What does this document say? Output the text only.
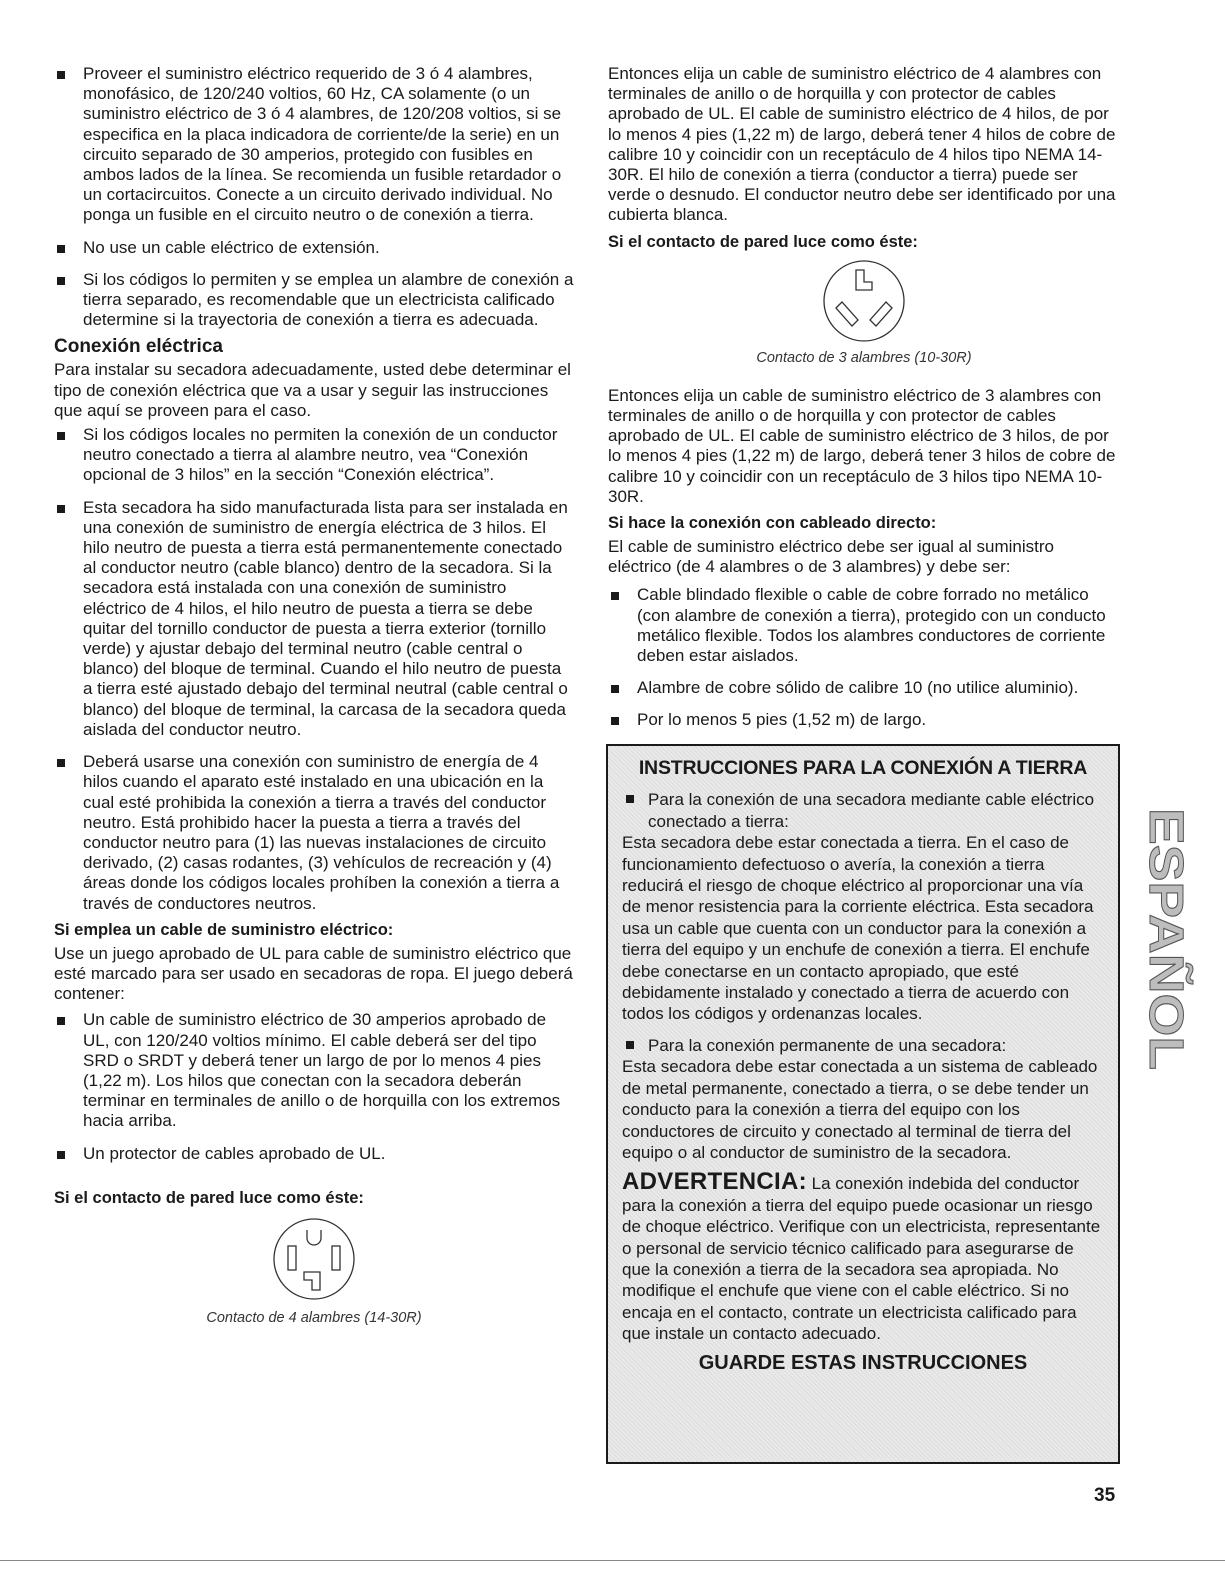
Proveer el suministro eléctrico requerido de 3 ó 4 alambres, monofásico, de 120/240 voltios, 60 Hz, CA solamente (o un suministro eléctrico de 3 ó 4 alambres, de 120/208 voltios, si se especifica en la placa indicadora de corriente/de la serie) en un circuito separado de 30 amperios, protegido con fusibles en ambos lados de la línea. Se recomienda un fusible retardador o un cortacircuitos. Conecte a un circuito derivado individual. No ponga un fusible en el circuito neutro o de conexión a tierra.

No use un cable eléctrico de extensión.

Si los códigos lo permiten y se emplea un alambre de conexión a tierra separado, es recomendable que un electricista calificado determine si la trayectoria de conexión a tierra es adecuada.

Conexión eléctrica

Para instalar su secadora adecuadamente, usted debe determinar el tipo de conexión eléctrica que va a usar y seguir las instrucciones que aquí se proveen para el caso.

Si los códigos locales no permiten la conexión de un conductor neutro conectado a tierra al alambre neutro, vea “Conexión opcional de 3 hilos” en la sección “Conexión eléctrica”.

Esta secadora ha sido manufacturada lista para ser instalada en una conexión de suministro de energía eléctrica de 3 hilos. El hilo neutro de puesta a tierra está permanentemente conectado al conductor neutro (cable blanco) dentro de la secadora. Si la secadora está instalada con una conexión de suministro eléctrico de 4 hilos, el hilo neutro de puesta a tierra se debe quitar del tornillo conductor de puesta a tierra exterior (tornillo verde) y ajustar debajo del terminal neutro (cable central o blanco) del bloque de terminal. Cuando el hilo neutro de puesta a tierra esté ajustado debajo del terminal neutral (cable central o blanco) del bloque de terminal, la carcasa de la secadora queda aislada del conductor neutro.

Deberá usarse una conexión con suministro de energía de 4 hilos cuando el aparato esté instalado en una ubicación en la cual esté prohibida la conexión a tierra a través del conductor neutro. Está prohibido hacer la puesta a tierra a través del conductor neutro para (1) las nuevas instalaciones de circuito derivado, (2) casas rodantes, (3) vehículos de recreación y (4) áreas donde los códigos locales prohíben la conexión a tierra a través de conductores neutros.

Si emplea un cable de suministro eléctrico:

Use un juego aprobado de UL para cable de suministro eléctrico que esté marcado para ser usado en secadoras de ropa. El juego deberá contener:

Un cable de suministro eléctrico de 30 amperios aprobado de UL, con 120/240 voltios mínimo. El cable deberá ser del tipo SRD o SRDT y deberá tener un largo de por lo menos 4 pies (1,22 m). Los hilos que conectan con la secadora deberán terminar en terminales de anillo o de horquilla con los extremos hacia arriba.

Un protector de cables aprobado de UL.

Si el contacto de pared luce como éste:
Contacto de 4 alambres (14-30R)

Entonces elija un cable de suministro eléctrico de 4 alambres con terminales de anillo o de horquilla y con protector de cables aprobado de UL. El cable de suministro eléctrico de 4 hilos, de por lo menos 4 pies (1,22 m) de largo, deberá tener 4 hilos de cobre de calibre 10 y coincidir con un receptáculo de 4 hilos tipo NEMA 14-30R. El hilo de conexión a tierra (conductor a tierra) puede ser verde o desnudo. El conductor neutro debe ser identificado por una cubierta blanca.

Si el contacto de pared luce como éste:
Contacto de 3 alambres (10-30R)

Entonces elija un cable de suministro eléctrico de 3 alambres con terminales de anillo o de horquilla y con protector de cables aprobado de UL. El cable de suministro eléctrico de 3 hilos, de por lo menos 4 pies (1,22 m) de largo, deberá tener 3 hilos de cobre de calibre 10 y coincidir con un receptáculo de 3 hilos tipo NEMA 10-30R.

Si hace la conexión con cableado directo:

El cable de suministro eléctrico debe ser igual al suministro eléctrico (de 4 alambres o de 3 alambres) y debe ser:

Cable blindado flexible o cable de cobre forrado no metálico (con alambre de conexión a tierra), protegido con un conducto metálico flexible. Todos los alambres conductores de corriente deben estar aislados.

Alambre de cobre sólido de calibre 10 (no utilice aluminio).

Por lo menos 5 pies (1,52 m) de largo.

INSTRUCCIONES PARA LA CONEXIÓN A TIERRA

Para la conexión de una secadora mediante cable eléctrico conectado a tierra:

Esta secadora debe estar conectada a tierra. En el caso de funcionamiento defectuoso o avería, la conexión a tierra reducirá el riesgo de choque eléctrico al proporcionar una vía de menor resistencia para la corriente eléctrica. Esta secadora usa un cable que cuenta con un conductor para la conexión a tierra del equipo y un enchufe de conexión a tierra. El enchufe debe conectarse en un contacto apropiado, que esté debidamente instalado y conectado a tierra de acuerdo con todos los códigos y ordenanzas locales.

Para la conexión permanente de una secadora:

Esta secadora debe estar conectada a un sistema de cableado de metal permanente, conectado a tierra, o se debe tender un conducto para la conexión a tierra del equipo con los conductores de circuito y conectado al terminal de tierra del equipo o al conductor de suministro de la secadora.

ADVERTENCIA: La conexión indebida del conductor para la conexión a tierra del equipo puede ocasionar un riesgo de choque eléctrico. Verifique con un electricista, representante o personal de servicio técnico calificado para asegurarse de que la conexión a tierra de la secadora sea apropiada. No modifique el enchufe que viene con el cable eléctrico. Si no encaja en el contacto, contrate un electricista calificado para que instale un contacto adecuado.

GUARDE ESTAS INSTRUCCIONES
ESPAÑOL
35
